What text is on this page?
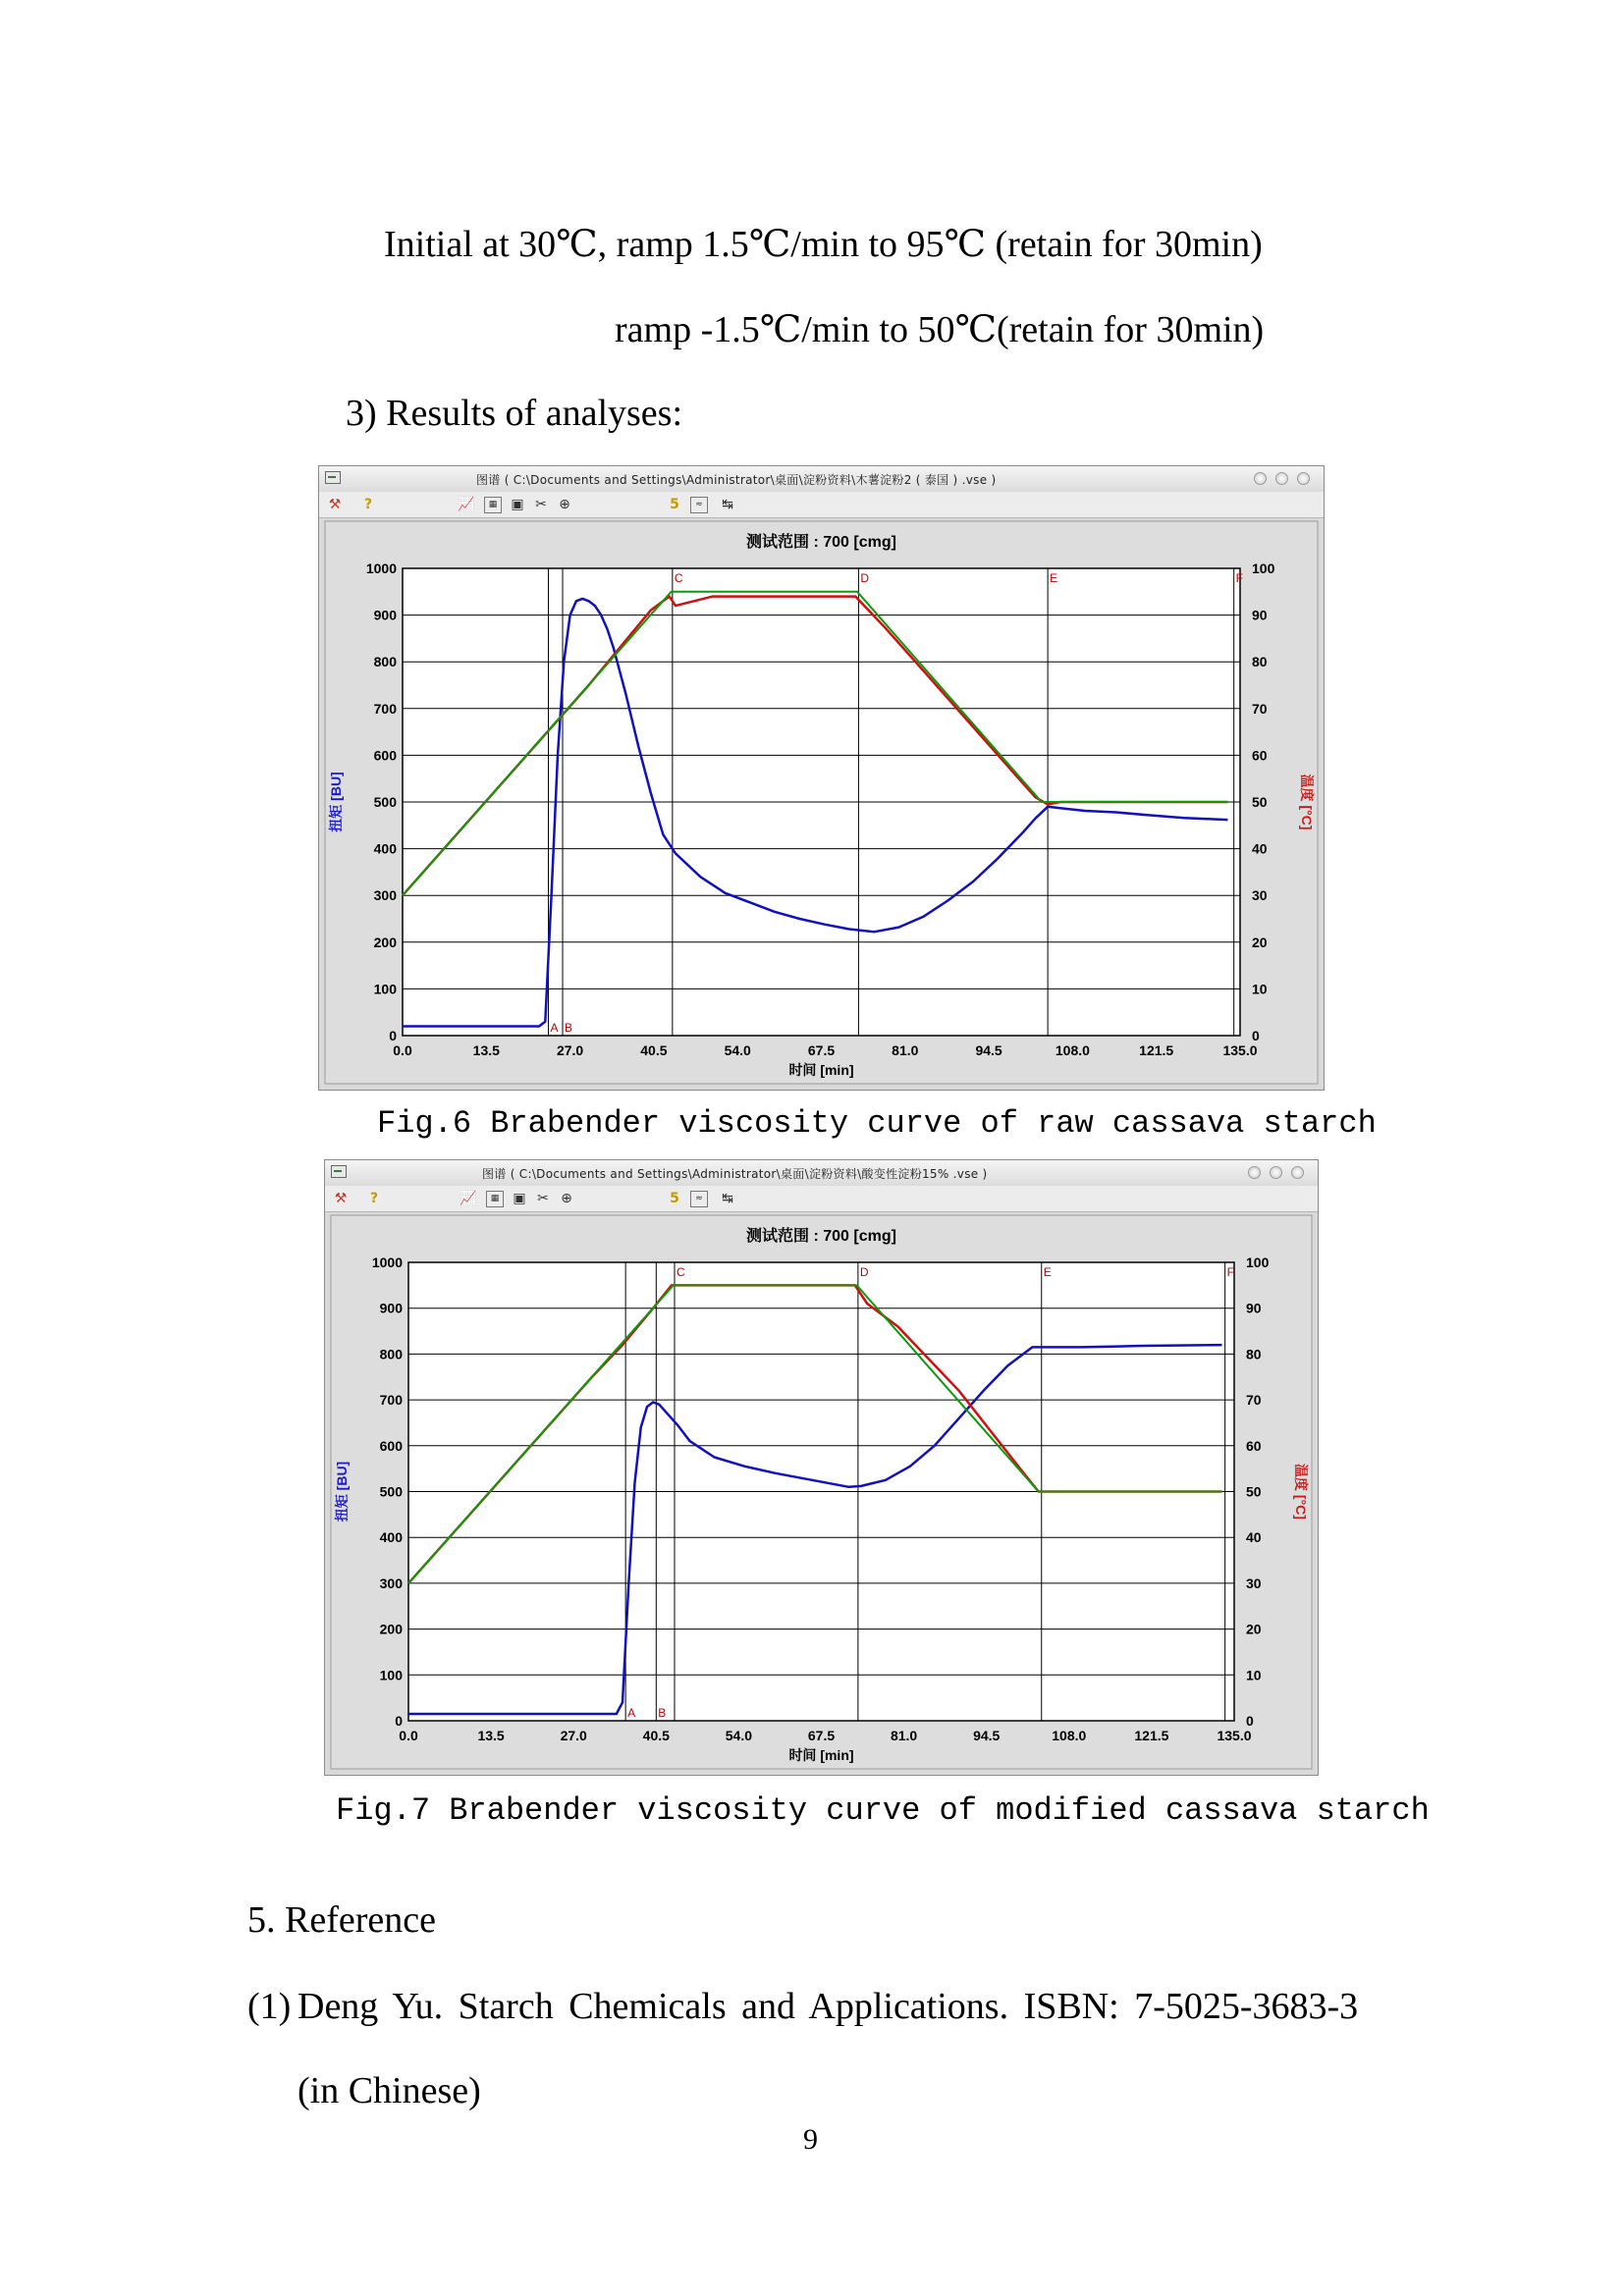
Initial at 30℃, ramp 1.5℃/min to 95℃ (retain for 30min)
ramp -1.5℃/min to 50℃(retain for 30min)
3) Results of analyses:
图谱 ( C:\Documents and Settings\Administrator\桌面\淀粉资料\木薯淀粉2 ( 泰国 ) .vse )
⚒	?	📈	▦	▣ ✂ ⊕	5	≈	↹
0
100
200
300
400
500
600
700
800
900
1000
0
10
20
30
40
50
60
70
80
90
100
0.0	13.5	27.0	40.5	54.0	67.5	81.0	94.5	108.0	121.5	135.0
A B
C	D	E	F
测试范围 : 700 [cmg]
时间 [min]
扭矩 [BU]	温度 [°C]
Fig.6 Brabender viscosity curve of raw cassava starch
图谱 ( C:\Documents and Settings\Administrator\桌面\淀粉资料\酸变性淀粉15% .vse )
⚒	?	📈	▦	▣ ✂ ⊕	5	≈	↹
0
100
200
300
400
500
600
700
800
900
1000
0
10
20
30
40
50
60
70
80
90
100
0.0	13.5	27.0	40.5	54.0	67.5	81.0	94.5	108.0	121.5	135.0
A B
C	D	E	F
测试范围 : 700 [cmg]
时间 [min]
扭矩 [BU]	温度 [°C]
Fig.7 Brabender viscosity curve of modified cassava starch
5. Reference
(1) Deng Yu. Starch Chemicals and Applications. ISBN: 7-5025-3683-3
(in Chinese)
9
